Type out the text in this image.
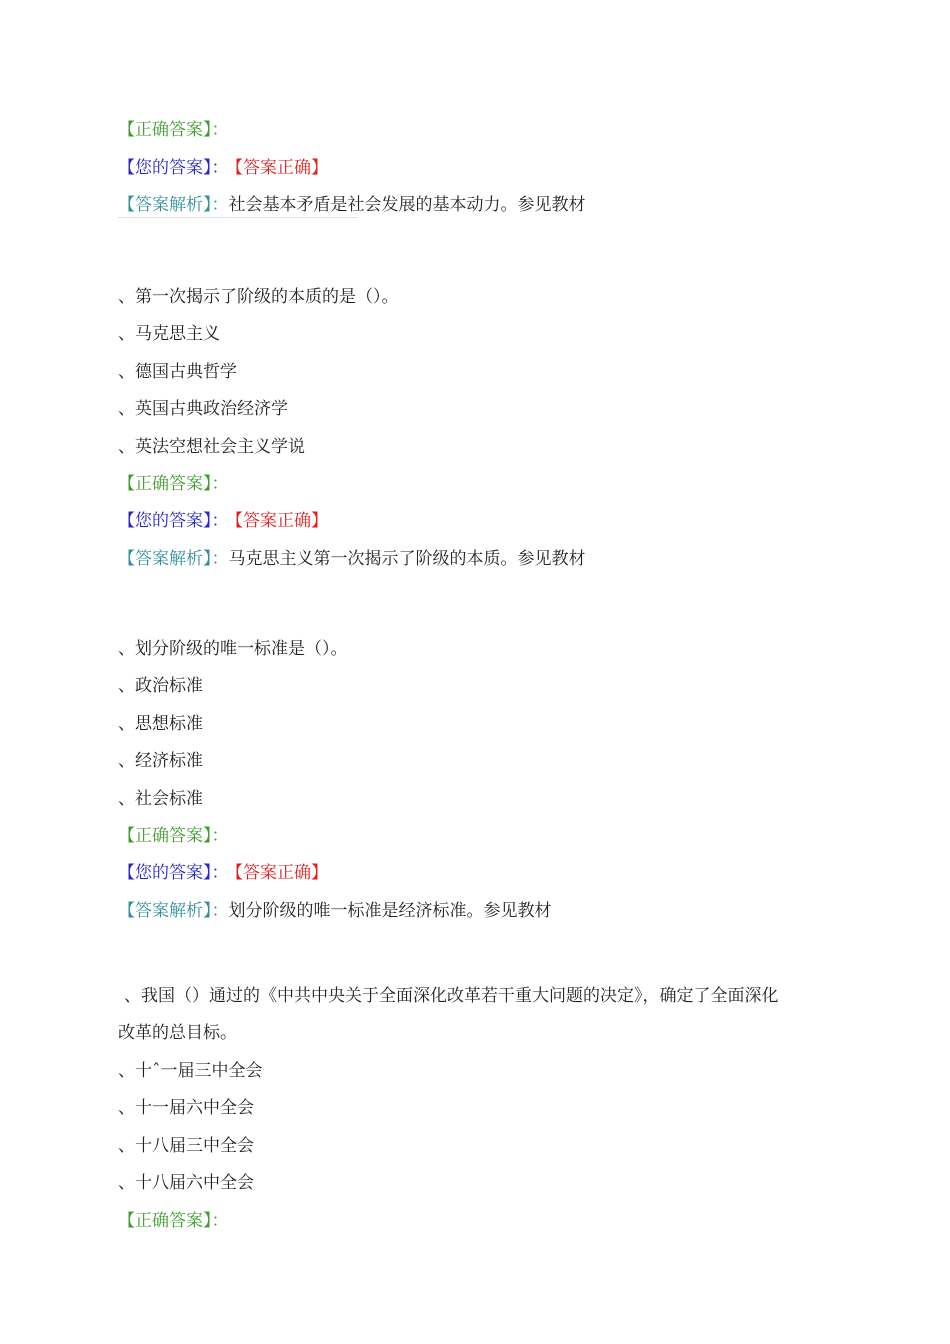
【正确答案】：
【您的答案】： 【答案正确】
【答案解析】：社会基本矛盾是社会发展的基本动力。参见教材
、第一次揭示了阶级的本质的是（）。
、马克思主义
、德国古典哲学
、英国古典政治经济学
、英法空想社会主义学说
【正确答案】：
【您的答案】： 【答案正确】
【答案解析】：马克思主义第一次揭示了阶级的本质。参见教材
、划分阶级的唯一标准是（）。
、政治标准
、思想标准
、经济标准
、社会标准
【正确答案】：
【您的答案】： 【答案正确】
【答案解析】：划分阶级的唯一标准是经济标准。参见教材
、我国（）通过的《中共中央关于全面深化改革若干重大问题的决定》，确定了全面深化
改革的总目标。
、十ˆ一届三中全会
、十一届六中全会
、十八届三中全会
、十八届六中全会
【正确答案】：
